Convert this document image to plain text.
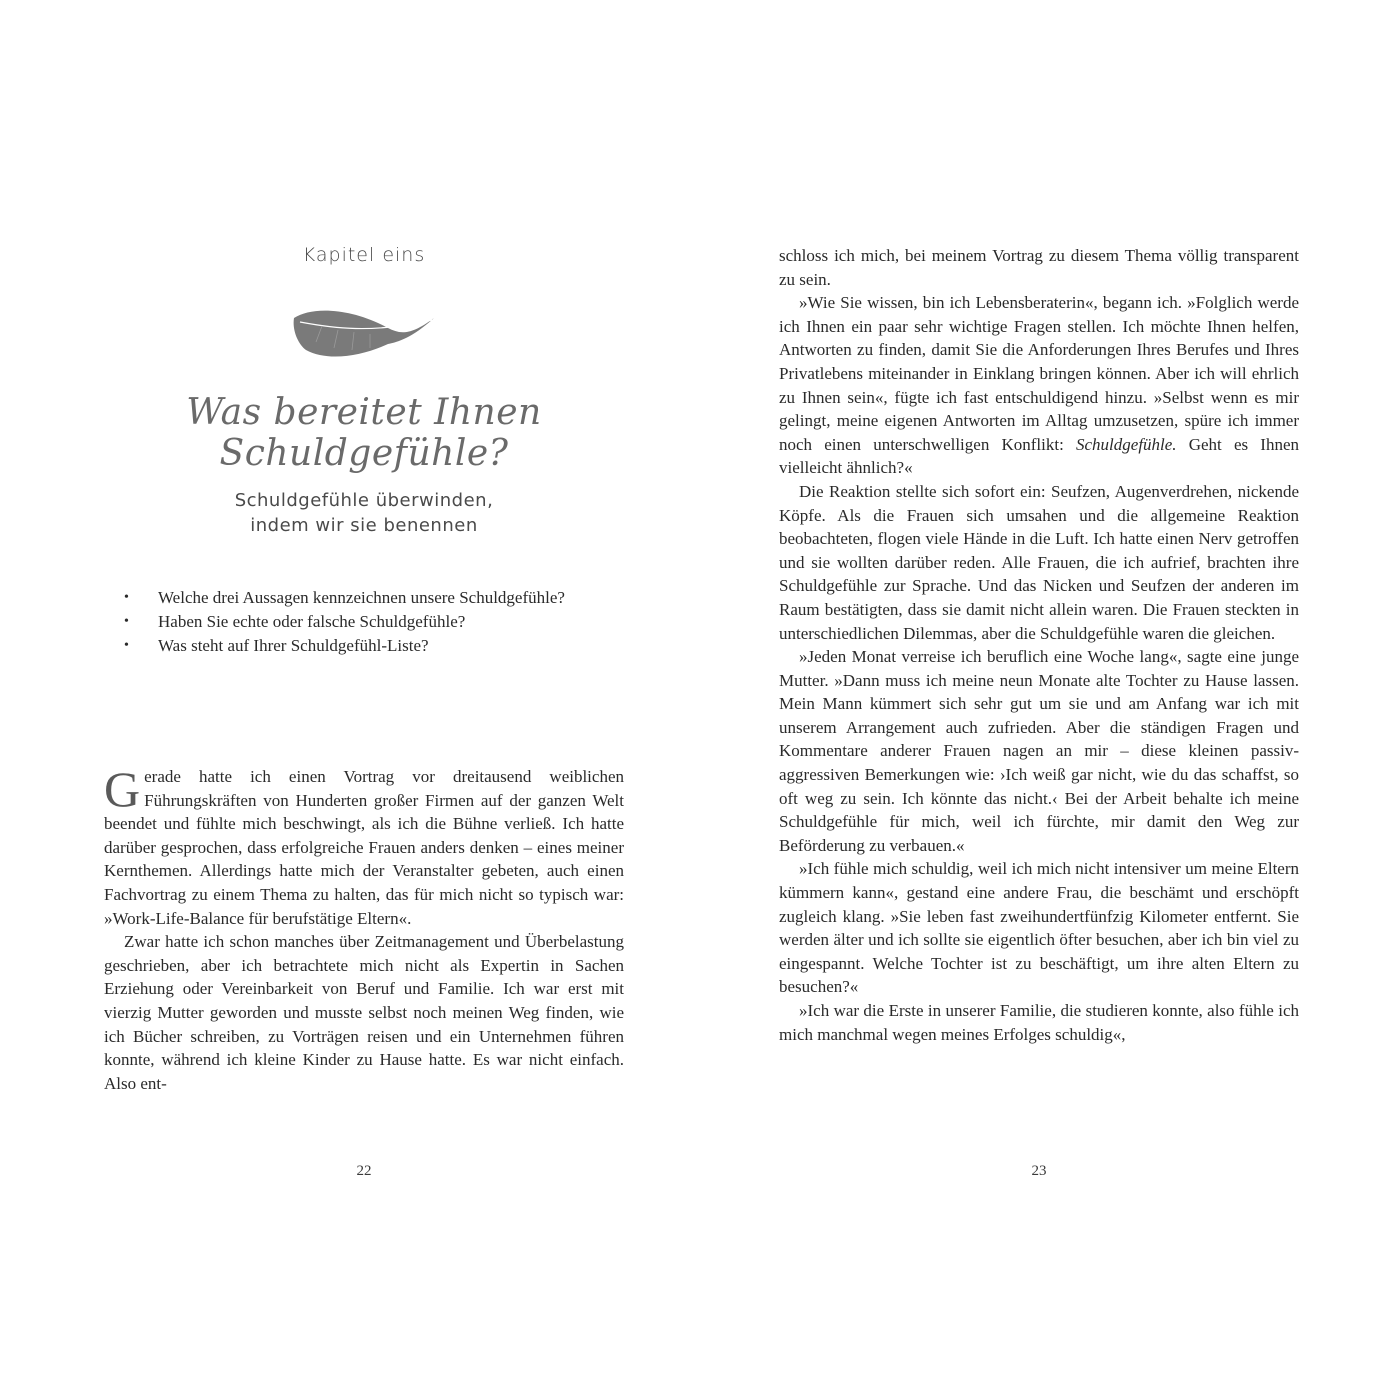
Kapitel eins
Was bereitet Ihnen Schuldgefühle?
Schuldgefühle überwinden,
indem wir sie benennen
• Welche drei Aussagen kennzeichnen unsere Schuldgefühle?
• Haben Sie echte oder falsche Schuldgefühle?
• Was steht auf Ihrer Schuldgefühl-Liste?

Gerade hatte ich einen Vortrag vor dreitausend weiblichen Führungskräften von Hunderten großer Firmen auf der ganzen Welt beendet und fühlte mich beschwingt, als ich die Bühne verließ. Ich hatte darüber gesprochen, dass erfolgreiche Frauen anders denken – eines meiner Kernthemen. Allerdings hatte mich der Veranstalter gebeten, auch einen Fachvortrag zu einem Thema zu halten, das für mich nicht so typisch war: »Work-Life-Balance für berufstätige Eltern«.

Zwar hatte ich schon manches über Zeitmanagement und Überbelastung geschrieben, aber ich betrachtete mich nicht als Expertin in Sachen Erziehung oder Vereinbarkeit von Beruf und Familie. Ich war erst mit vierzig Mutter geworden und musste selbst noch meinen Weg finden, wie ich Bücher schreiben, zu Vorträgen reisen und ein Unternehmen führen konnte, während ich kleine Kinder zu Hause hatte. Es war nicht einfach. Also ent-

22

schloss ich mich, bei meinem Vortrag zu diesem Thema völlig transparent zu sein.

»Wie Sie wissen, bin ich Lebensberaterin«, begann ich. »Folglich werde ich Ihnen ein paar sehr wichtige Fragen stellen. Ich möchte Ihnen helfen, Antworten zu finden, damit Sie die Anforderungen Ihres Berufes und Ihres Privatlebens miteinander in Einklang bringen können. Aber ich will ehrlich zu Ihnen sein«, fügte ich fast entschuldigend hinzu. »Selbst wenn es mir gelingt, meine eigenen Antworten im Alltag umzusetzen, spüre ich immer noch einen unterschwelligen Konflikt: Schuldgefühle. Geht es Ihnen vielleicht ähnlich?«

Die Reaktion stellte sich sofort ein: Seufzen, Augenverdrehen, nickende Köpfe. Als die Frauen sich umsahen und die allgemeine Reaktion beobachteten, flogen viele Hände in die Luft. Ich hatte einen Nerv getroffen und sie wollten darüber reden. Alle Frauen, die ich aufrief, brachten ihre Schuldgefühle zur Sprache. Und das Nicken und Seufzen der anderen im Raum bestätigten, dass sie damit nicht allein waren. Die Frauen steckten in unterschiedlichen Dilemmas, aber die Schuldgefühle waren die gleichen.

»Jeden Monat verreise ich beruflich eine Woche lang«, sagte eine junge Mutter. »Dann muss ich meine neun Monate alte Tochter zu Hause lassen. Mein Mann kümmert sich sehr gut um sie und am Anfang war ich mit unserem Arrangement auch zufrieden. Aber die ständigen Fragen und Kommentare anderer Frauen nagen an mir – diese kleinen passiv-aggressiven Bemerkungen wie: ›Ich weiß gar nicht, wie du das schaffst, so oft weg zu sein. Ich könnte das nicht.‹ Bei der Arbeit behalte ich meine Schuldgefühle für mich, weil ich fürchte, mir damit den Weg zur Beförderung zu verbauen.«

»Ich fühle mich schuldig, weil ich mich nicht intensiver um meine Eltern kümmern kann«, gestand eine andere Frau, die beschämt und erschöpft zugleich klang. »Sie leben fast zweihundertfünfzig Kilometer entfernt. Sie werden älter und ich sollte sie eigentlich öfter besuchen, aber ich bin viel zu eingespannt. Welche Tochter ist zu beschäftigt, um ihre alten Eltern zu besuchen?«

»Ich war die Erste in unserer Familie, die studieren konnte, also fühle ich mich manchmal wegen meines Erfolges schuldig«,

23
